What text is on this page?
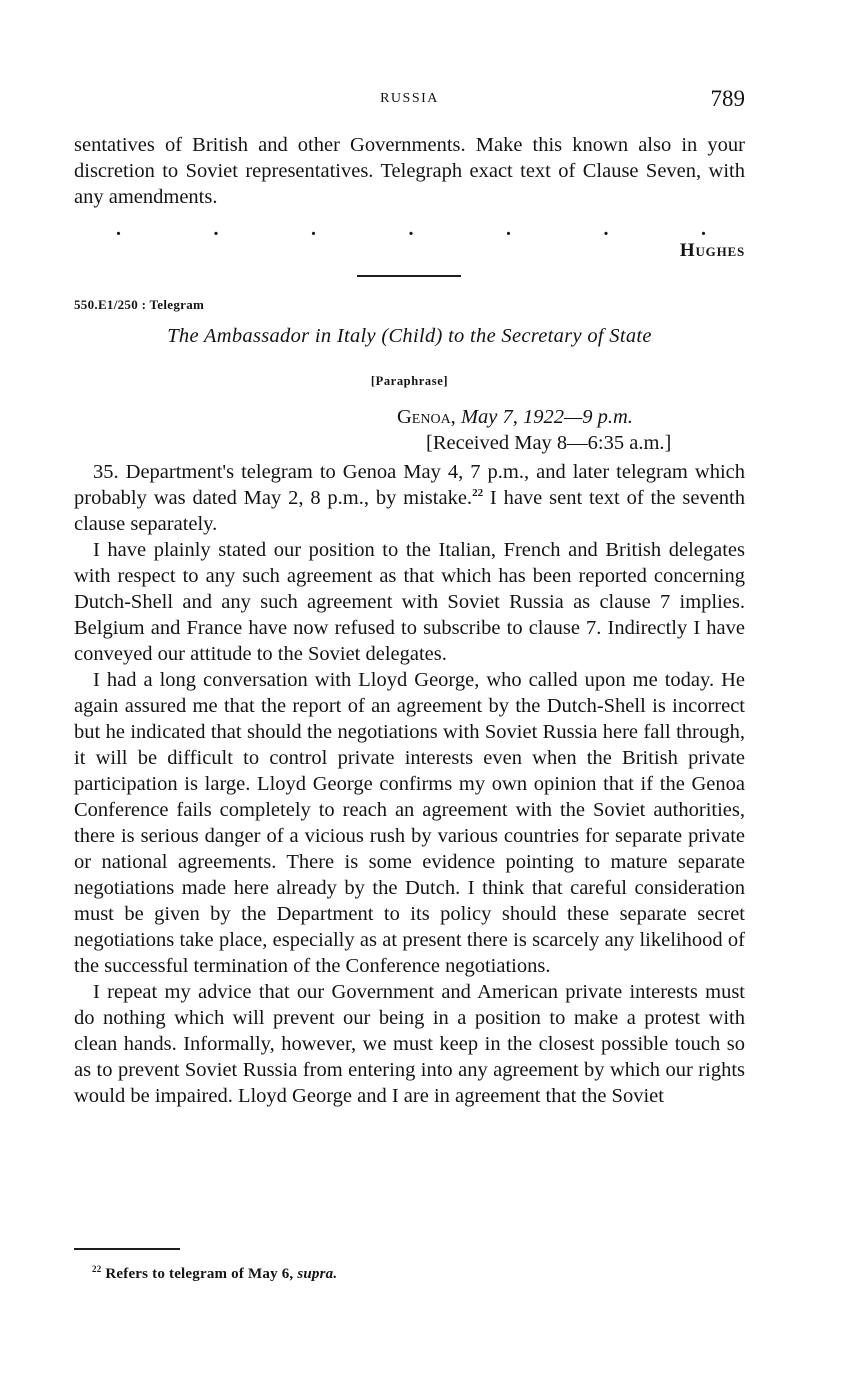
RUSSIA	789

sentatives of British and other Governments. Make this known also in your discretion to Soviet representatives. Telegraph exact text of Clause Seven, with any amendments.

.	.	.	.	.	.	.
Hughes
550.E1/250 : Telegram
The Ambassador in Italy (Child) to the Secretary of State
[Paraphrase]
Genoa, May 7, 1922—9 p.m.
[Received May 8—6:35 a.m.]

35. Department's telegram to Genoa May 4, 7 p.m., and later telegram which probably was dated May 2, 8 p.m., by mistake.$^{22}$ I have sent text of the seventh clause separately.

I have plainly stated our position to the Italian, French and British delegates with respect to any such agreement as that which has been reported concerning Dutch-Shell and any such agreement with Soviet Russia as clause 7 implies. Belgium and France have now refused to subscribe to clause 7. Indirectly I have conveyed our attitude to the Soviet delegates.

I had a long conversation with Lloyd George, who called upon me today. He again assured me that the report of an agreement by the Dutch-Shell is incorrect but he indicated that should the negotiations with Soviet Russia here fall through, it will be difficult to control private interests even when the British private participation is large. Lloyd George confirms my own opinion that if the Genoa Conference fails completely to reach an agreement with the Soviet authorities, there is serious danger of a vicious rush by various countries for separate private or national agreements. There is some evidence pointing to mature separate negotiations made here already by the Dutch. I think that careful consideration must be given by the Department to its policy should these separate secret negotiations take place, especially as at present there is scarcely any likelihood of the successful termination of the Conference negotiations.

I repeat my advice that our Government and American private interests must do nothing which will prevent our being in a position to make a protest with clean hands. Informally, however, we must keep in the closest possible touch so as to prevent Soviet Russia from entering into any agreement by which our rights would be impaired. Lloyd George and I are in agreement that the Soviet

$^{22}$ Refers to telegram of May 6, supra.
